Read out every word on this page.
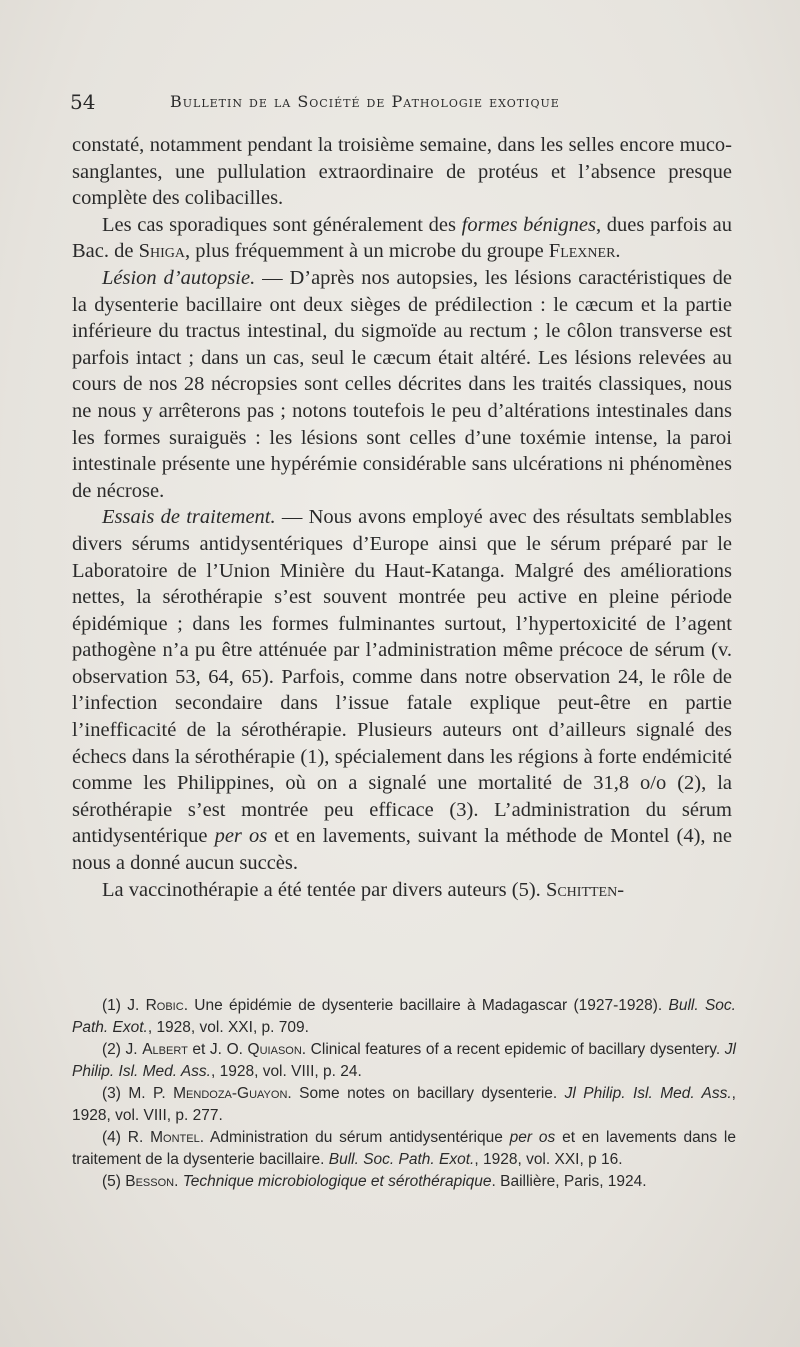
54	Bulletin de la Société de Pathologie exotique

constaté, notamment pendant la troisième semaine, dans les selles encore muco-sanglantes, une pullulation extraordinaire de protéus et l’absence presque complète des colibacilles.

Les cas sporadiques sont généralement des formes bénignes, dues parfois au Bac. de Shiga, plus fréquemment à un microbe du groupe Flexner.

Lésion d’autopsie. — D’après nos autopsies, les lésions caractéristiques de la dysenterie bacillaire ont deux sièges de prédilection : le cæcum et la partie inférieure du tractus intestinal, du sigmoïde au rectum ; le côlon transverse est parfois intact ; dans un cas, seul le cæcum était altéré. Les lésions relevées au cours de nos 28 nécropsies sont celles décrites dans les traités classiques, nous ne nous y arrêterons pas ; notons toutefois le peu d’altérations intestinales dans les formes suraiguës : les lésions sont celles d’une toxémie intense, la paroi intestinale présente une hypérémie considérable sans ulcérations ni phénomènes de nécrose.

Essais de traitement. — Nous avons employé avec des résultats semblables divers sérums antidysentériques d’Europe ainsi que le sérum préparé par le Laboratoire de l’Union Minière du Haut-Katanga. Malgré des améliorations nettes, la sérothérapie s’est souvent montrée peu active en pleine période épidémique ; dans les formes fulminantes surtout, l’hypertoxicité de l’agent pathogène n’a pu être atténuée par l’administration même précoce de sérum (v. observation 53, 64, 65). Parfois, comme dans notre observation 24, le rôle de l’infection secondaire dans l’issue fatale explique peut-être en partie l’inefficacité de la sérothérapie. Plusieurs auteurs ont d’ailleurs signalé des échecs dans la sérothérapie (1), spécialement dans les régions à forte endémicité comme les Philippines, où on a signalé une mortalité de 31,8 o/o (2), la sérothérapie s’est montrée peu efficace (3). L’administration du sérum antidysentérique per os et en lavements, suivant la méthode de Montel (4), ne nous a donné aucun succès.

La vaccinothérapie a été tentée par divers auteurs (5). Schitten-

(1) J. Robic. Une épidémie de dysenterie bacillaire à Madagascar (1927-1928). Bull. Soc. Path. Exot., 1928, vol. XXI, p. 709.

(2) J. Albert et J. O. Quiason. Clinical features of a recent epidemic of bacillary dysentery. Jl Philip. Isl. Med. Ass., 1928, vol. VIII, p. 24.

(3) M. P. Mendoza-Guayon. Some notes on bacillary dysenterie. Jl Philip. Isl. Med. Ass., 1928, vol. VIII, p. 277.

(4) R. Montel. Administration du sérum antidysentérique per os et en lavements dans le traitement de la dysenterie bacillaire. Bull. Soc. Path. Exot., 1928, vol. XXI, p 16.

(5) Besson. Technique microbiologique et sérothérapique. Baillière, Paris, 1924.
